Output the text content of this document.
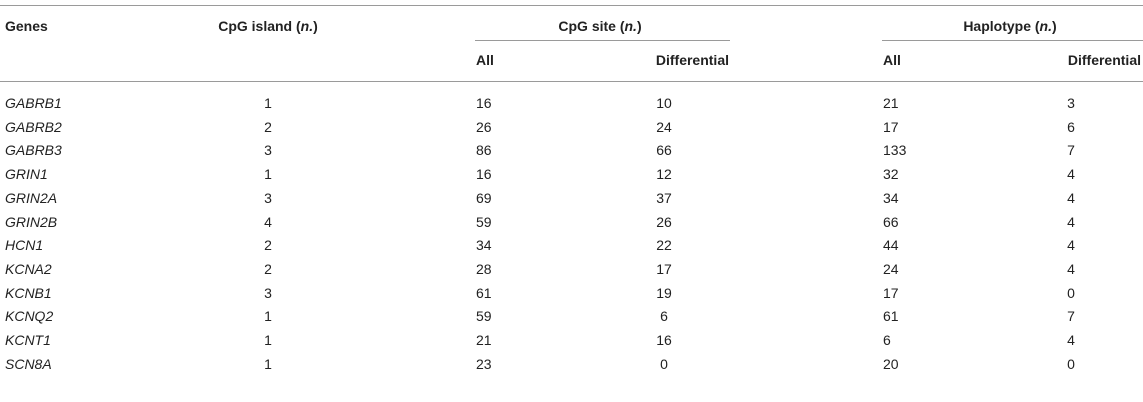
Genes	CpG island (n.)	CpG site (n.)	Haplotype (n.)
All	Differential	All	Differential
GABRB1	1	16	10	21	3
GABRB2	2	26	24	17	6
GABRB3	3	86	66	133	7
GRIN1	1	16	12	32	4
GRIN2A	3	69	37	34	4
GRIN2B	4	59	26	66	4
HCN1	2	34	22	44	4
KCNA2	2	28	17	24	4
KCNB1	3	61	19	17	0
KCNQ2	1	59	6	61	7
KCNT1	1	21	16	6	4
SCN8A	1	23	0	20	0
